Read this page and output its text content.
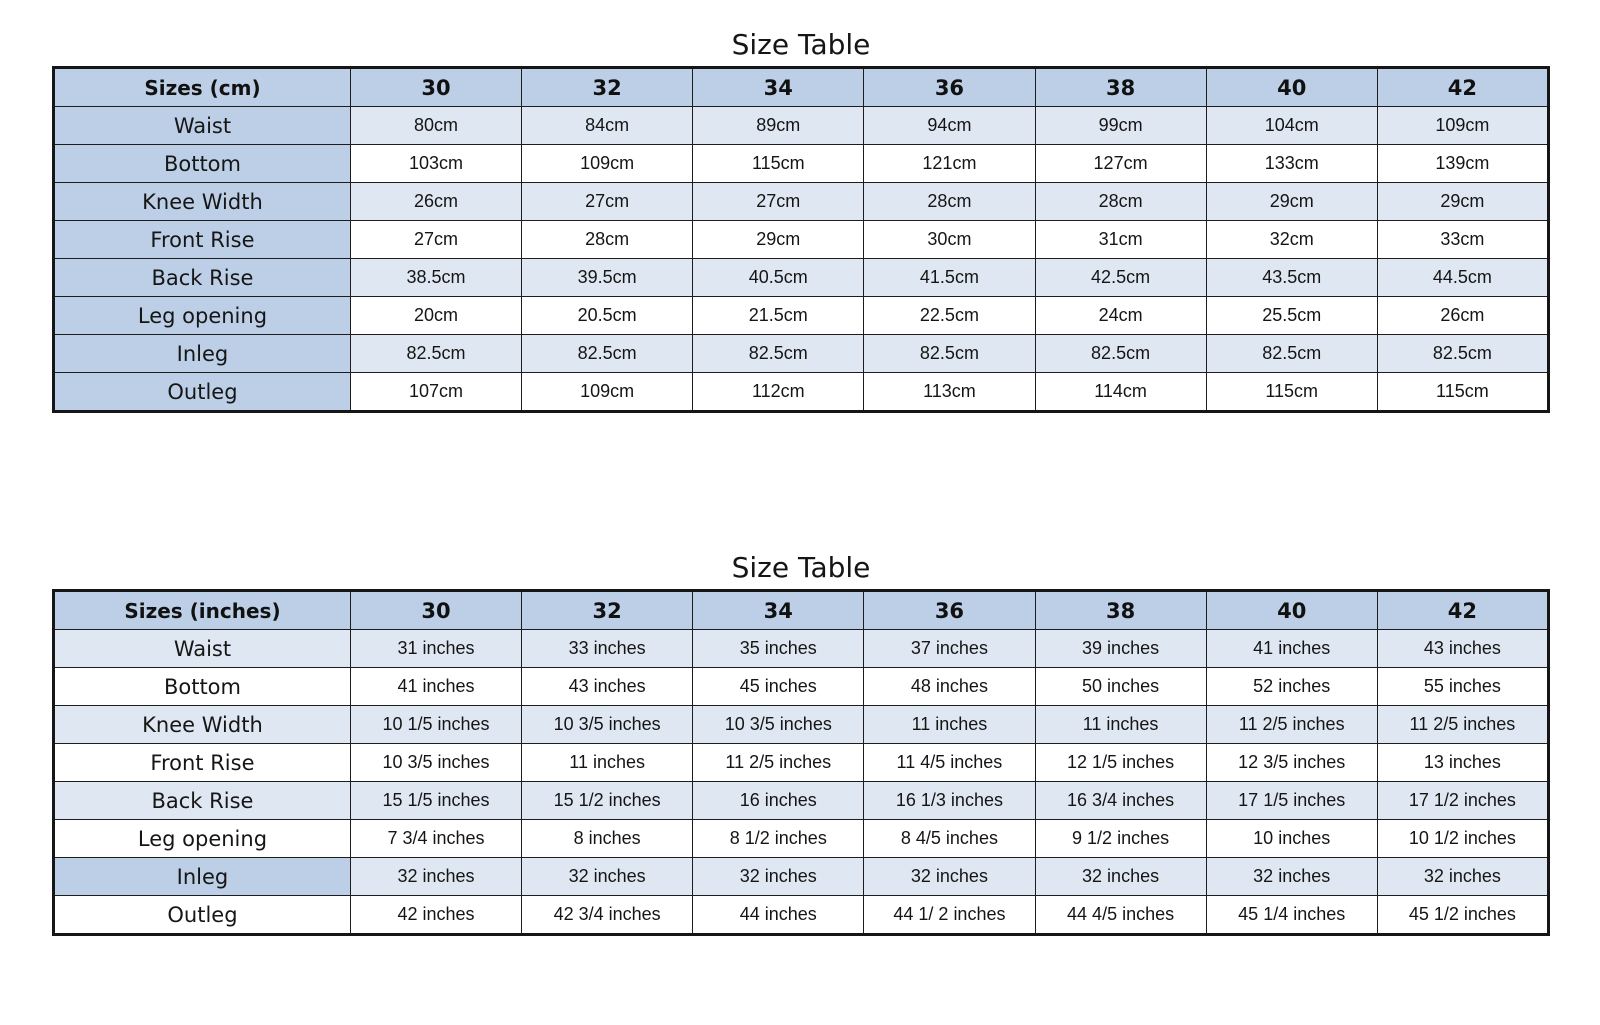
Size Table
Sizes (cm)	30	32	34	36	38	40	42
Waist	80cm	84cm	89cm	94cm	99cm	104cm	109cm
Bottom	103cm	109cm	115cm	121cm	127cm	133cm	139cm
Knee Width	26cm	27cm	27cm	28cm	28cm	29cm	29cm
Front Rise	27cm	28cm	29cm	30cm	31cm	32cm	33cm
Back Rise	38.5cm	39.5cm	40.5cm	41.5cm	42.5cm	43.5cm	44.5cm
Leg opening	20cm	20.5cm	21.5cm	22.5cm	24cm	25.5cm	26cm
Inleg	82.5cm	82.5cm	82.5cm	82.5cm	82.5cm	82.5cm	82.5cm
Outleg	107cm	109cm	112cm	113cm	114cm	115cm	115cm
Size Table
Sizes (inches)	30	32	34	36	38	40	42
Waist	31 inches	33 inches	35 inches	37 inches	39 inches	41 inches	43 inches
Bottom	41 inches	43 inches	45 inches	48 inches	50 inches	52 inches	55 inches
Knee Width	10 1/5 inches	10 3/5 inches	10 3/5 inches	11 inches	11 inches	11 2/5 inches	11 2/5 inches
Front Rise	10 3/5 inches	11 inches	11 2/5 inches	11 4/5 inches	12 1/5 inches	12 3/5 inches	13 inches
Back Rise	15 1/5 inches	15 1/2 inches	16 inches	16 1/3 inches	16 3/4 inches	17 1/5 inches	17 1/2 inches
Leg opening	7 3/4 inches	8 inches	8 1/2 inches	8 4/5 inches	9 1/2 inches	10 inches	10 1/2 inches
Inleg	32 inches	32 inches	32 inches	32 inches	32 inches	32 inches	32 inches
Outleg	42 inches	42 3/4 inches	44 inches	44 1/ 2 inches	44 4/5 inches	45 1/4 inches	45 1/2 inches
